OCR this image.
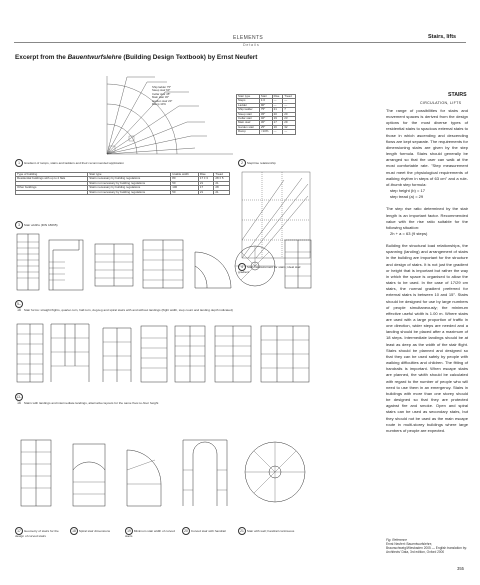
ELEMENTS
Details
Stairs, lifts
Excerpt from the Bauentwurfslehre (Building Design Textbook) by Ernst Neufert
Ship ladder 75°
Steep stair 60°
Cellar stair 45°
Main stair 30°
Garden stair 20°
Ramp 10%
Stair type	Stair	Rise	Tread
Steps	1:0	—	—
Ladder	90°	—	—
Ship ladder	75°	21	7
Steep stair	45°	20	20
Cellar stair	40°	19	23
Main stair	30°	17	29
Garden stair	25°	16	32
Ramp	<10%	—	—
1 Gradient of ramps, stairs and ladders and their recommended application	2 Step/rise relationship
Type of building	Stair type	Usable width	Rise	Tread
Residential buildings with up to 2 flats	Stairs necessary by building regulations	80	17 ± 3	28 ± 5
	Stairs not necessary by building regulations	50	21	21
Other buildings	Stairs necessary by building regulations	100	17	28
	Stairs not necessary by building regulations	50	21	21
3 Stair widths (DIN 18065)
4 Step measurement for stairs; ideal stair gradient
5–16 Stair forms: straight flights, quarter-turn, half-turn, dog-leg and spiral stairs with and without landings (flight width, step count and landing depth indicated)
13–16 Stairs with landings and intermediate landings, alternative layouts for the same floor-to-floor height
17 Geometry of stairs for the design of curved stairs
18 Spiral stair dimensions	19 Minimum stair width of curved stairs
20 Curved stair with handrail	21 Stair with well; handrail continuous
STAIRS
CIRCULATION, LIFTS
The range of possibilities for stairs and movement spaces is derived from the design options for the most diverse types of residential stairs to spacious external stairs to those in which ascending and descending flows are kept separate. The requirements for dimensioning stairs are given by the step length formula. Stairs should generally be arranged so that the user can walk at the most comfortable rate. "Step measurement must meet the physiological requirements of walking rhythm in steps of 63 cm" and a rule-of-thumb step formula:
step height (b) = 17
step tread (a) = 29
The step rise ratio determined by the stair length is an important factor. Recommended value with the rise ratio suitable for the following situation:
2h + a = 63 (9 steps)
Building the structural load relationships, the spanning (landing) and arrangement of stairs in the building are important for the structure and design of stairs. It is not just the gradient or height that is important but rather the way in which the space is organised to allow the stairs to be used. In the case of 17/29 cm stairs, the normal gradient preferred for external stairs is between 10 and 15°. Stairs should be designed for use by large numbers of people simultaneously; the minimum effective useful width is 1.00 m. Where stairs are used with a large proportion of traffic in one direction, wider steps are needed and a landing should be placed after a maximum of 18 steps. Intermediate landings should be at least as deep as the width of the stair flight. Stairs should be planned and designed so that they can be used safely by people with walking difficulties and children. The fitting of handrails is important. When escape stairs are planned, the width should be calculated with regard to the number of people who will need to use them in an emergency. Stairs in buildings with more than one storey should be designed so that they are protected against fire and smoke. Open and spiral stairs can be used as secondary stairs, but they should not be used as the main escape route in multi-storey buildings where large numbers of people are expected.
Fig. Reference
Ernst Neufert: Bauentwurfslehre, Braunschweig/Wiesbaden 2005 — English translation by: Architects' Data, 3rd edition, Oxford 2000
355
